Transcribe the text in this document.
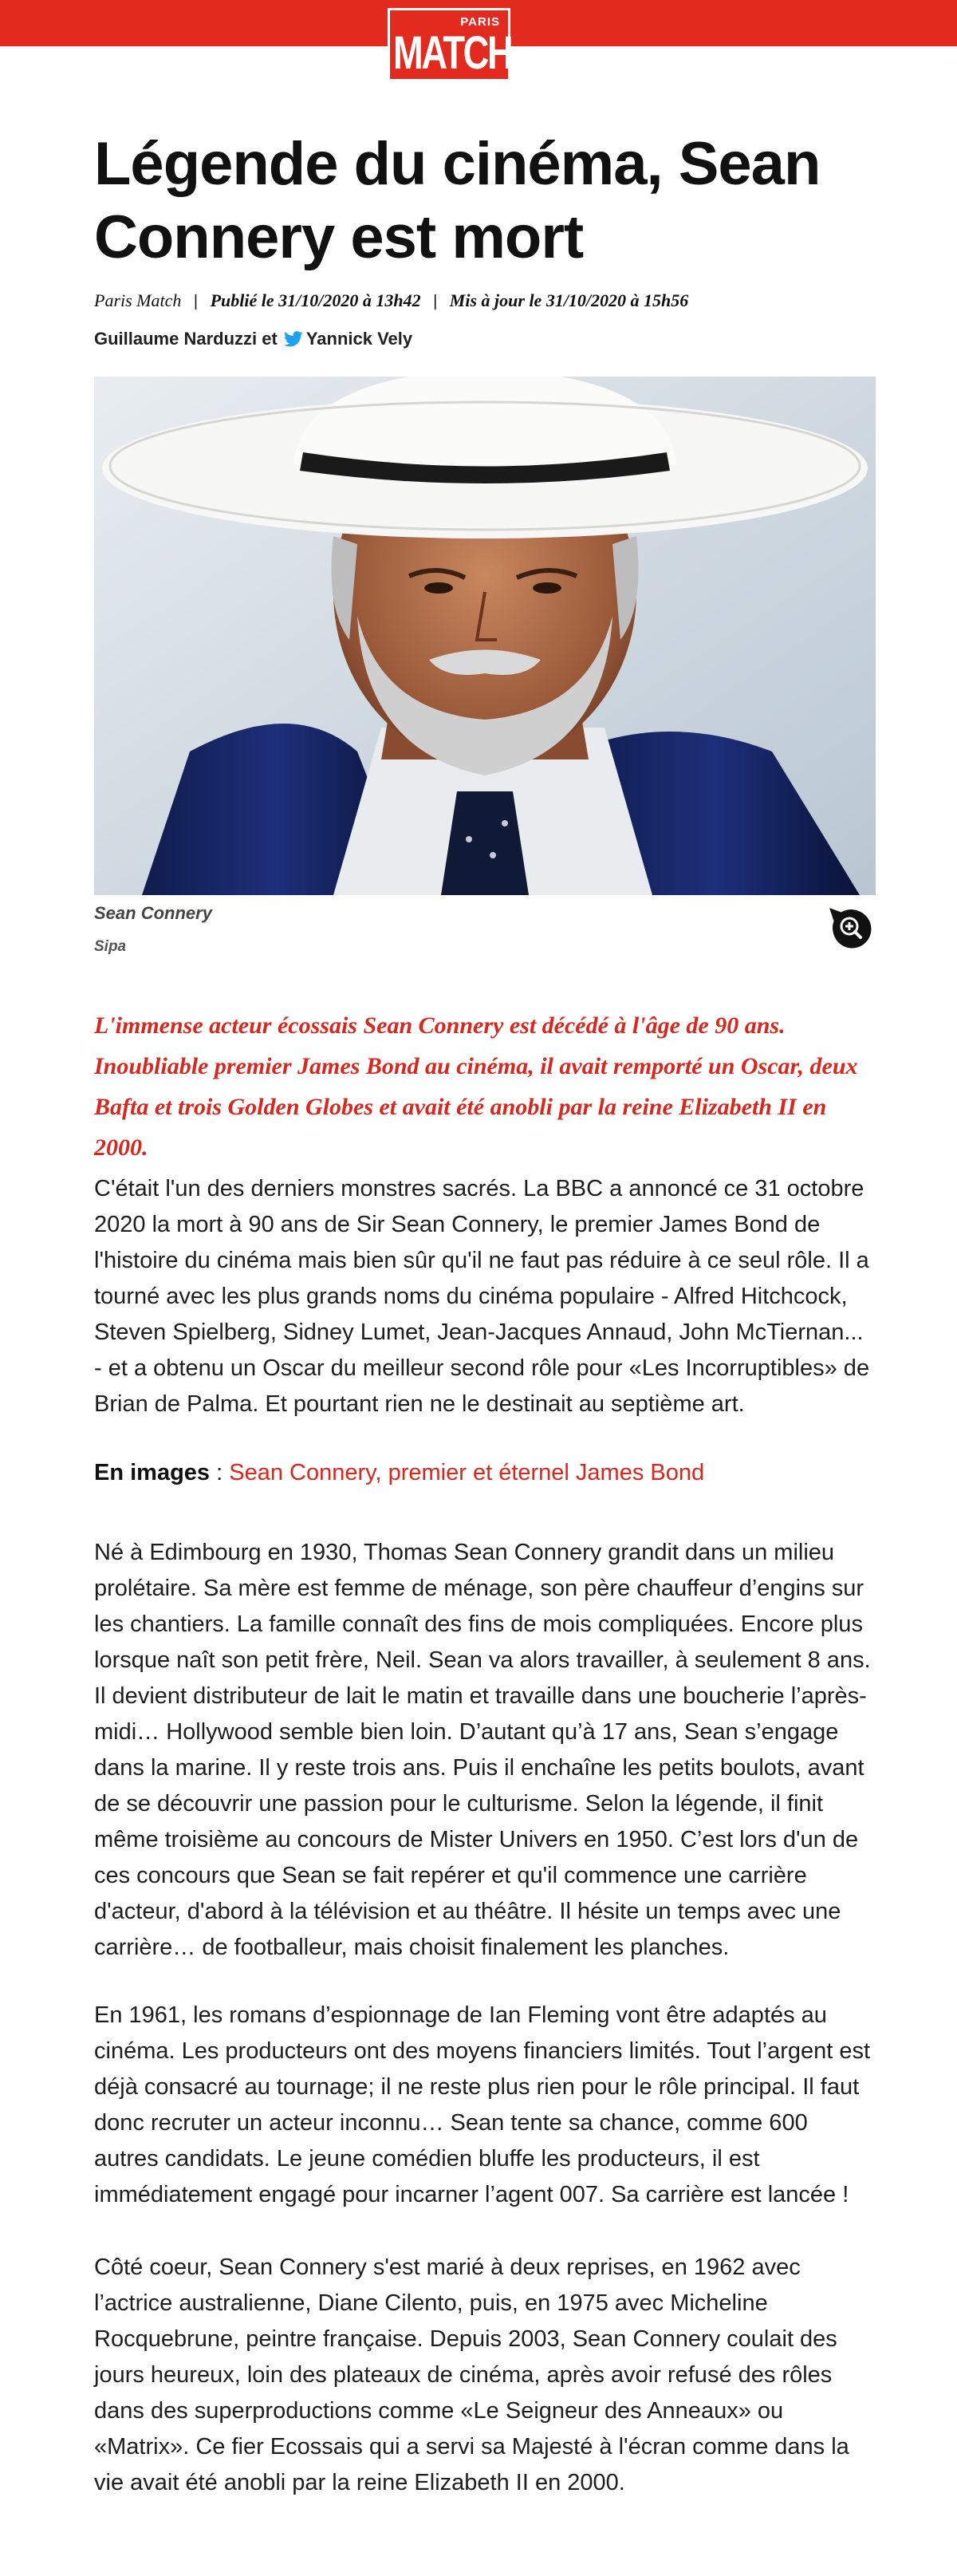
PARIS
MATCH
Légende du cinéma, Sean Connery est mort
Paris Match | Publié le 31/10/2020 à 13h42 | Mis à jour le 31/10/2020 à 15h56
Guillaume Narduzzi et Yannick Vely
Sean Connery
Sipa

L'immense acteur écossais Sean Connery est décédé à l'âge de 90 ans. Inoubliable premier James Bond au cinéma, il avait remporté un Oscar, deux Bafta et trois Golden Globes et avait été anobli par la reine Elizabeth II en 2000.

C'était l'un des derniers monstres sacrés. La BBC a annoncé ce 31 octobre 2020 la mort à 90 ans de Sir Sean Connery, le premier James Bond de l'histoire du cinéma mais bien sûr qu'il ne faut pas réduire à ce seul rôle. Il a tourné avec les plus grands noms du cinéma populaire - Alfred Hitchcock, Steven Spielberg, Sidney Lumet, Jean-Jacques Annaud, John McTiernan... - et a obtenu un Oscar du meilleur second rôle pour «Les Incorruptibles» de Brian de Palma. Et pourtant rien ne le destinait au septième art.

En images : Sean Connery, premier et éternel James Bond

Né à Edimbourg en 1930, Thomas Sean Connery grandit dans un milieu prolétaire. Sa mère est femme de ménage, son père chauffeur d’engins sur les chantiers. La famille connaît des fins de mois compliquées. Encore plus lorsque naît son petit frère, Neil. Sean va alors travailler, à seulement 8 ans. Il devient distributeur de lait le matin et travaille dans une boucherie l’après-midi… Hollywood semble bien loin. D’autant qu’à 17 ans, Sean s’engage dans la marine. Il y reste trois ans. Puis il enchaîne les petits boulots, avant de se découvrir une passion pour le culturisme. Selon la légende, il finit même troisième au concours de Mister Univers en 1950. C’est lors d'un de ces concours que Sean se fait repérer et qu'il commence une carrière d'acteur, d'abord à la télévision et au théâtre. Il hésite un temps avec une carrière… de footballeur, mais choisit finalement les planches.

En 1961, les romans d’espionnage de Ian Fleming vont être adaptés au cinéma. Les producteurs ont des moyens financiers limités. Tout l’argent est déjà consacré au tournage; il ne reste plus rien pour le rôle principal. Il faut donc recruter un acteur inconnu… Sean tente sa chance, comme 600 autres candidats. Le jeune comédien bluffe les producteurs, il est immédiatement engagé pour incarner l’agent 007. Sa carrière est lancée !

Côté coeur, Sean Connery s'est marié à deux reprises, en 1962 avec l’actrice australienne, Diane Cilento, puis, en 1975 avec Micheline Rocquebrune, peintre française. Depuis 2003, Sean Connery coulait des jours heureux, loin des plateaux de cinéma, après avoir refusé des rôles dans des superproductions comme «Le Seigneur des Anneaux» ou «Matrix». Ce fier Ecossais qui a servi sa Majesté à l'écran comme dans la vie avait été anobli par la reine Elizabeth II en 2000.
